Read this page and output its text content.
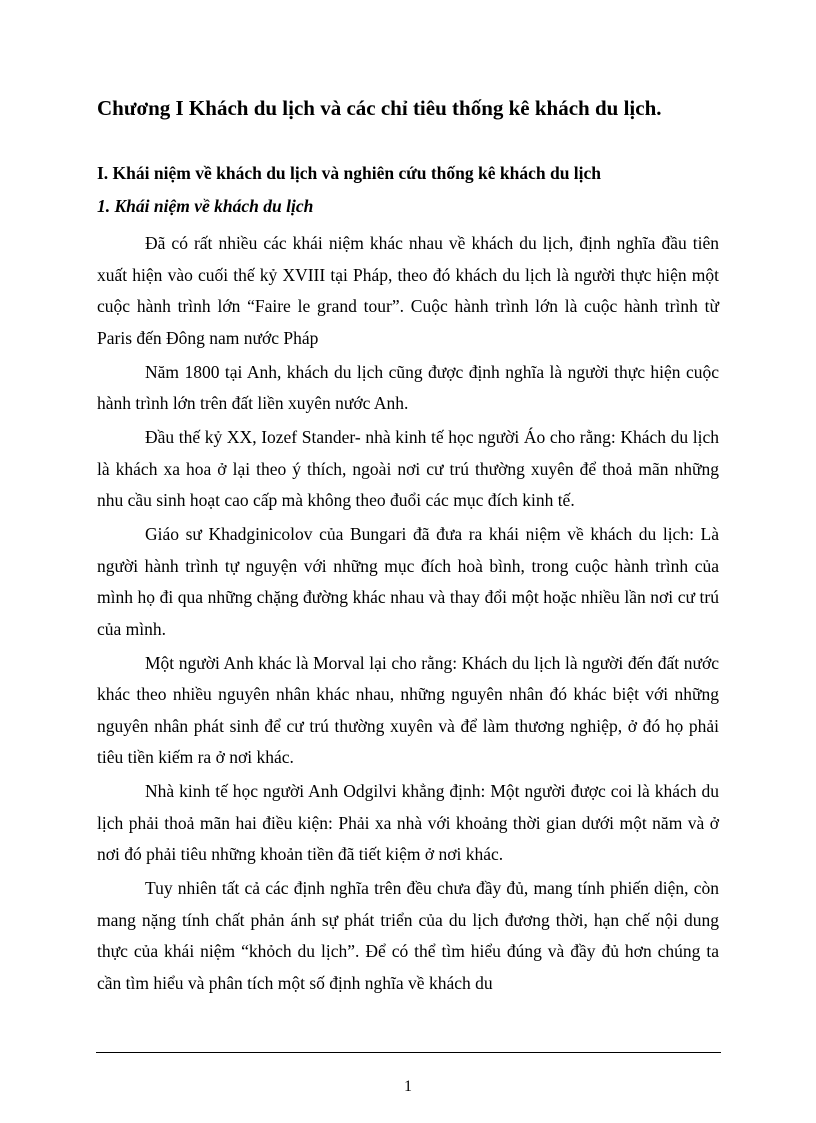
Chương I Khách du lịch và các chỉ tiêu thống kê khách du lịch.
I. Khái niệm về khách du lịch và nghiên cứu thống kê khách du lịch
1. Khái niệm về khách du lịch

Đã có rất nhiều các khái niệm khác nhau về khách du lịch, định nghĩa đầu tiên xuất hiện vào cuối thế kỷ XVIII tại Pháp, theo đó khách du lịch là người thực hiện một cuộc hành trình lớn “Faire le grand tour”. Cuộc hành trình lớn là cuộc hành trình từ Paris đến Đông nam nước Pháp

Năm 1800 tại Anh, khách du lịch cũng được định nghĩa là người thực hiện cuộc hành trình lớn trên đất liền xuyên nước Anh.

Đầu thế kỷ XX, Iozef Stander- nhà kinh tế học người Áo cho rằng: Khách du lịch là khách xa hoa ở lại theo ý thích, ngoài nơi cư trú thường xuyên để thoả mãn những nhu cầu sinh hoạt cao cấp mà không theo đuổi các mục đích kinh tế.

Giáo sư Khadginicolov của Bungari đã đưa ra khái niệm về khách du lịch: Là người hành trình tự nguyện với những mục đích hoà bình, trong cuộc hành trình của mình họ đi qua những chặng đường khác nhau và thay đổi một hoặc nhiều lần nơi cư trú của mình.

Một người Anh khác là Morval lại cho rằng: Khách du lịch là người đến đất nước khác theo nhiều nguyên nhân khác nhau, những nguyên nhân đó khác biệt với những nguyên nhân phát sinh để cư trú thường xuyên và để làm thương nghiệp, ở đó họ phải tiêu tiền kiếm ra ở nơi khác.

Nhà kinh tế học người Anh Odgilvi khẳng định: Một người được coi là khách du lịch phải thoả mãn hai điều kiện: Phải xa nhà với khoảng thời gian dưới một năm và ở nơi đó phải tiêu những khoản tiền đã tiết kiệm ở nơi khác.

Tuy nhiên tất cả các định nghĩa trên đều chưa đầy đủ, mang tính phiến diện, còn mang nặng tính chất phản ánh sự phát triển của du lịch đương thời, hạn chế nội dung thực của khái niệm “khỏch du lịch”. Để có thể tìm hiểu đúng và đầy đủ hơn chúng ta cần tìm hiểu và phân tích một số định nghĩa về khách du

1
